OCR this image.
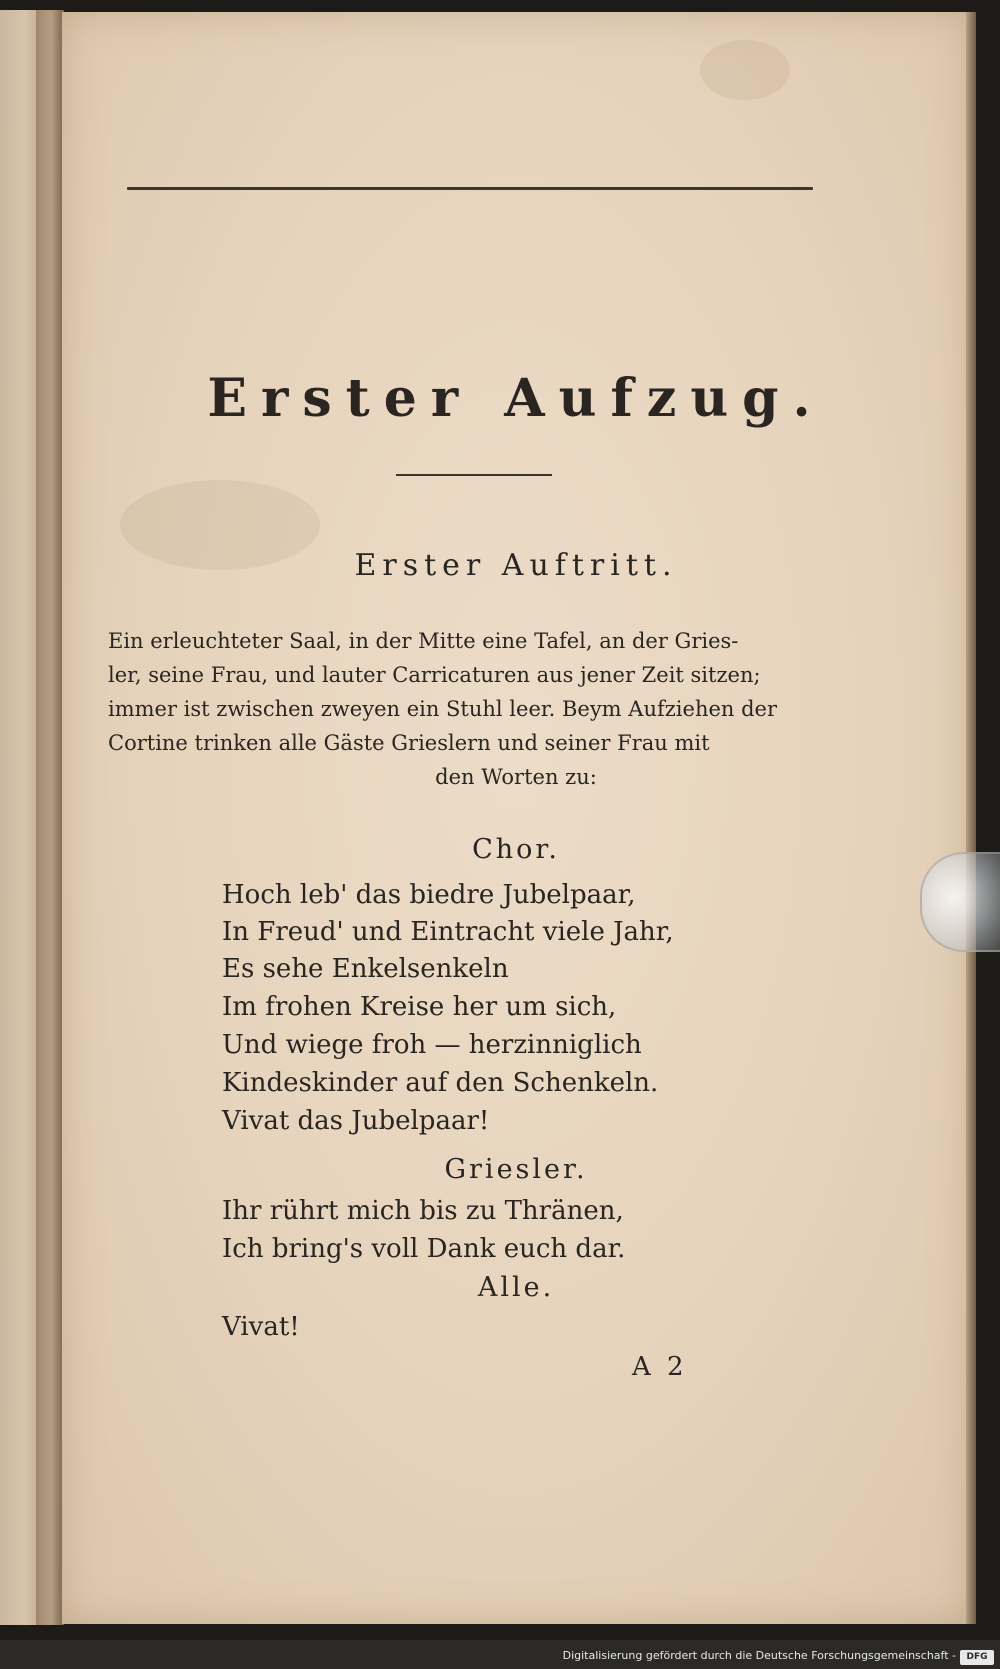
Erster Aufzug.
Erster Auftritt.
Ein erleuchteter Saal, in der Mitte eine Tafel, an der Gries-
ler, seine Frau, und lauter Carricaturen aus jener Zeit sitzen;
immer ist zwischen zweyen ein Stuhl leer. Beym Aufziehen der
Cortine trinken alle Gäste Grieslern und seiner Frau mit
den Worten zu:
Chor.
Hoch leb' das biedre Jubelpaar,
In Freud' und Eintracht viele Jahr,
Es sehe Enkelsenkeln
Im frohen Kreise her um sich,
Und wiege froh — herzinniglich
Kindeskinder auf den Schenkeln.
Vivat das Jubelpaar!
Griesler.
Ihr rührt mich bis zu Thränen,
Ich bring's voll Dank euch dar.
Alle.
Vivat!
A 2
Digitalisierung gefördert durch die Deutsche Forschungsgemeinschaft -	DFG
